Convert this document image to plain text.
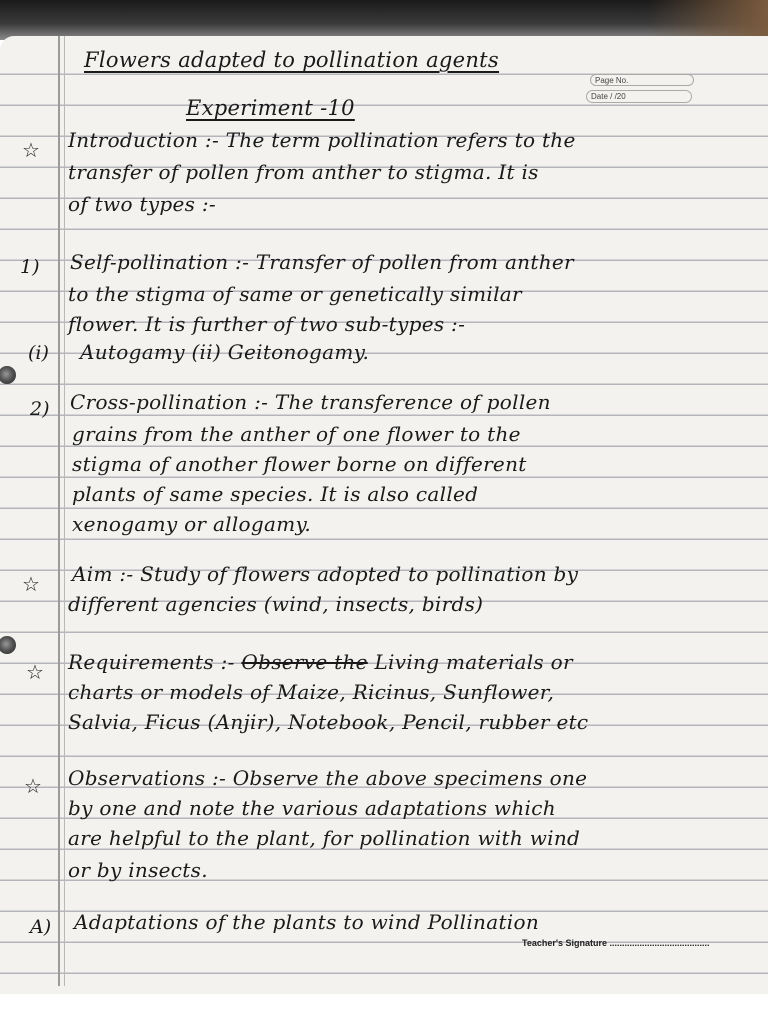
Flowers adapted to pollination agents
Page No.
Date / /20
Experiment -10
☆ Introduction :- The term pollination refers to the
transfer of pollen from anther to stigma. It is
of two types :-
1) Self-pollination :- Transfer of pollen from anther
to the stigma of same or genetically similar
flower. It is further of two sub-types :-
(i) Autogamy (ii) Geitonogamy.
2) Cross-pollination :- The transference of pollen
grains from the anther of one flower to the
stigma of another flower borne on different
plants of same species. It is also called
xenogamy or allogamy.
☆ Aim :- Study of flowers adopted to pollination by
different agencies (wind, insects, birds)
☆ Requirements :- Observe the Living materials or
charts or models of Maize, Ricinus, Sunflower,
Salvia, Ficus (Anjir), Notebook, Pencil, rubber etc
☆ Observations :- Observe the above specimens one
by one and note the various adaptations which
are helpful to the plant, for pollination with wind
or by insects.
A) Adaptations of the plants to wind Pollination
Teacher's Signature ........................................
